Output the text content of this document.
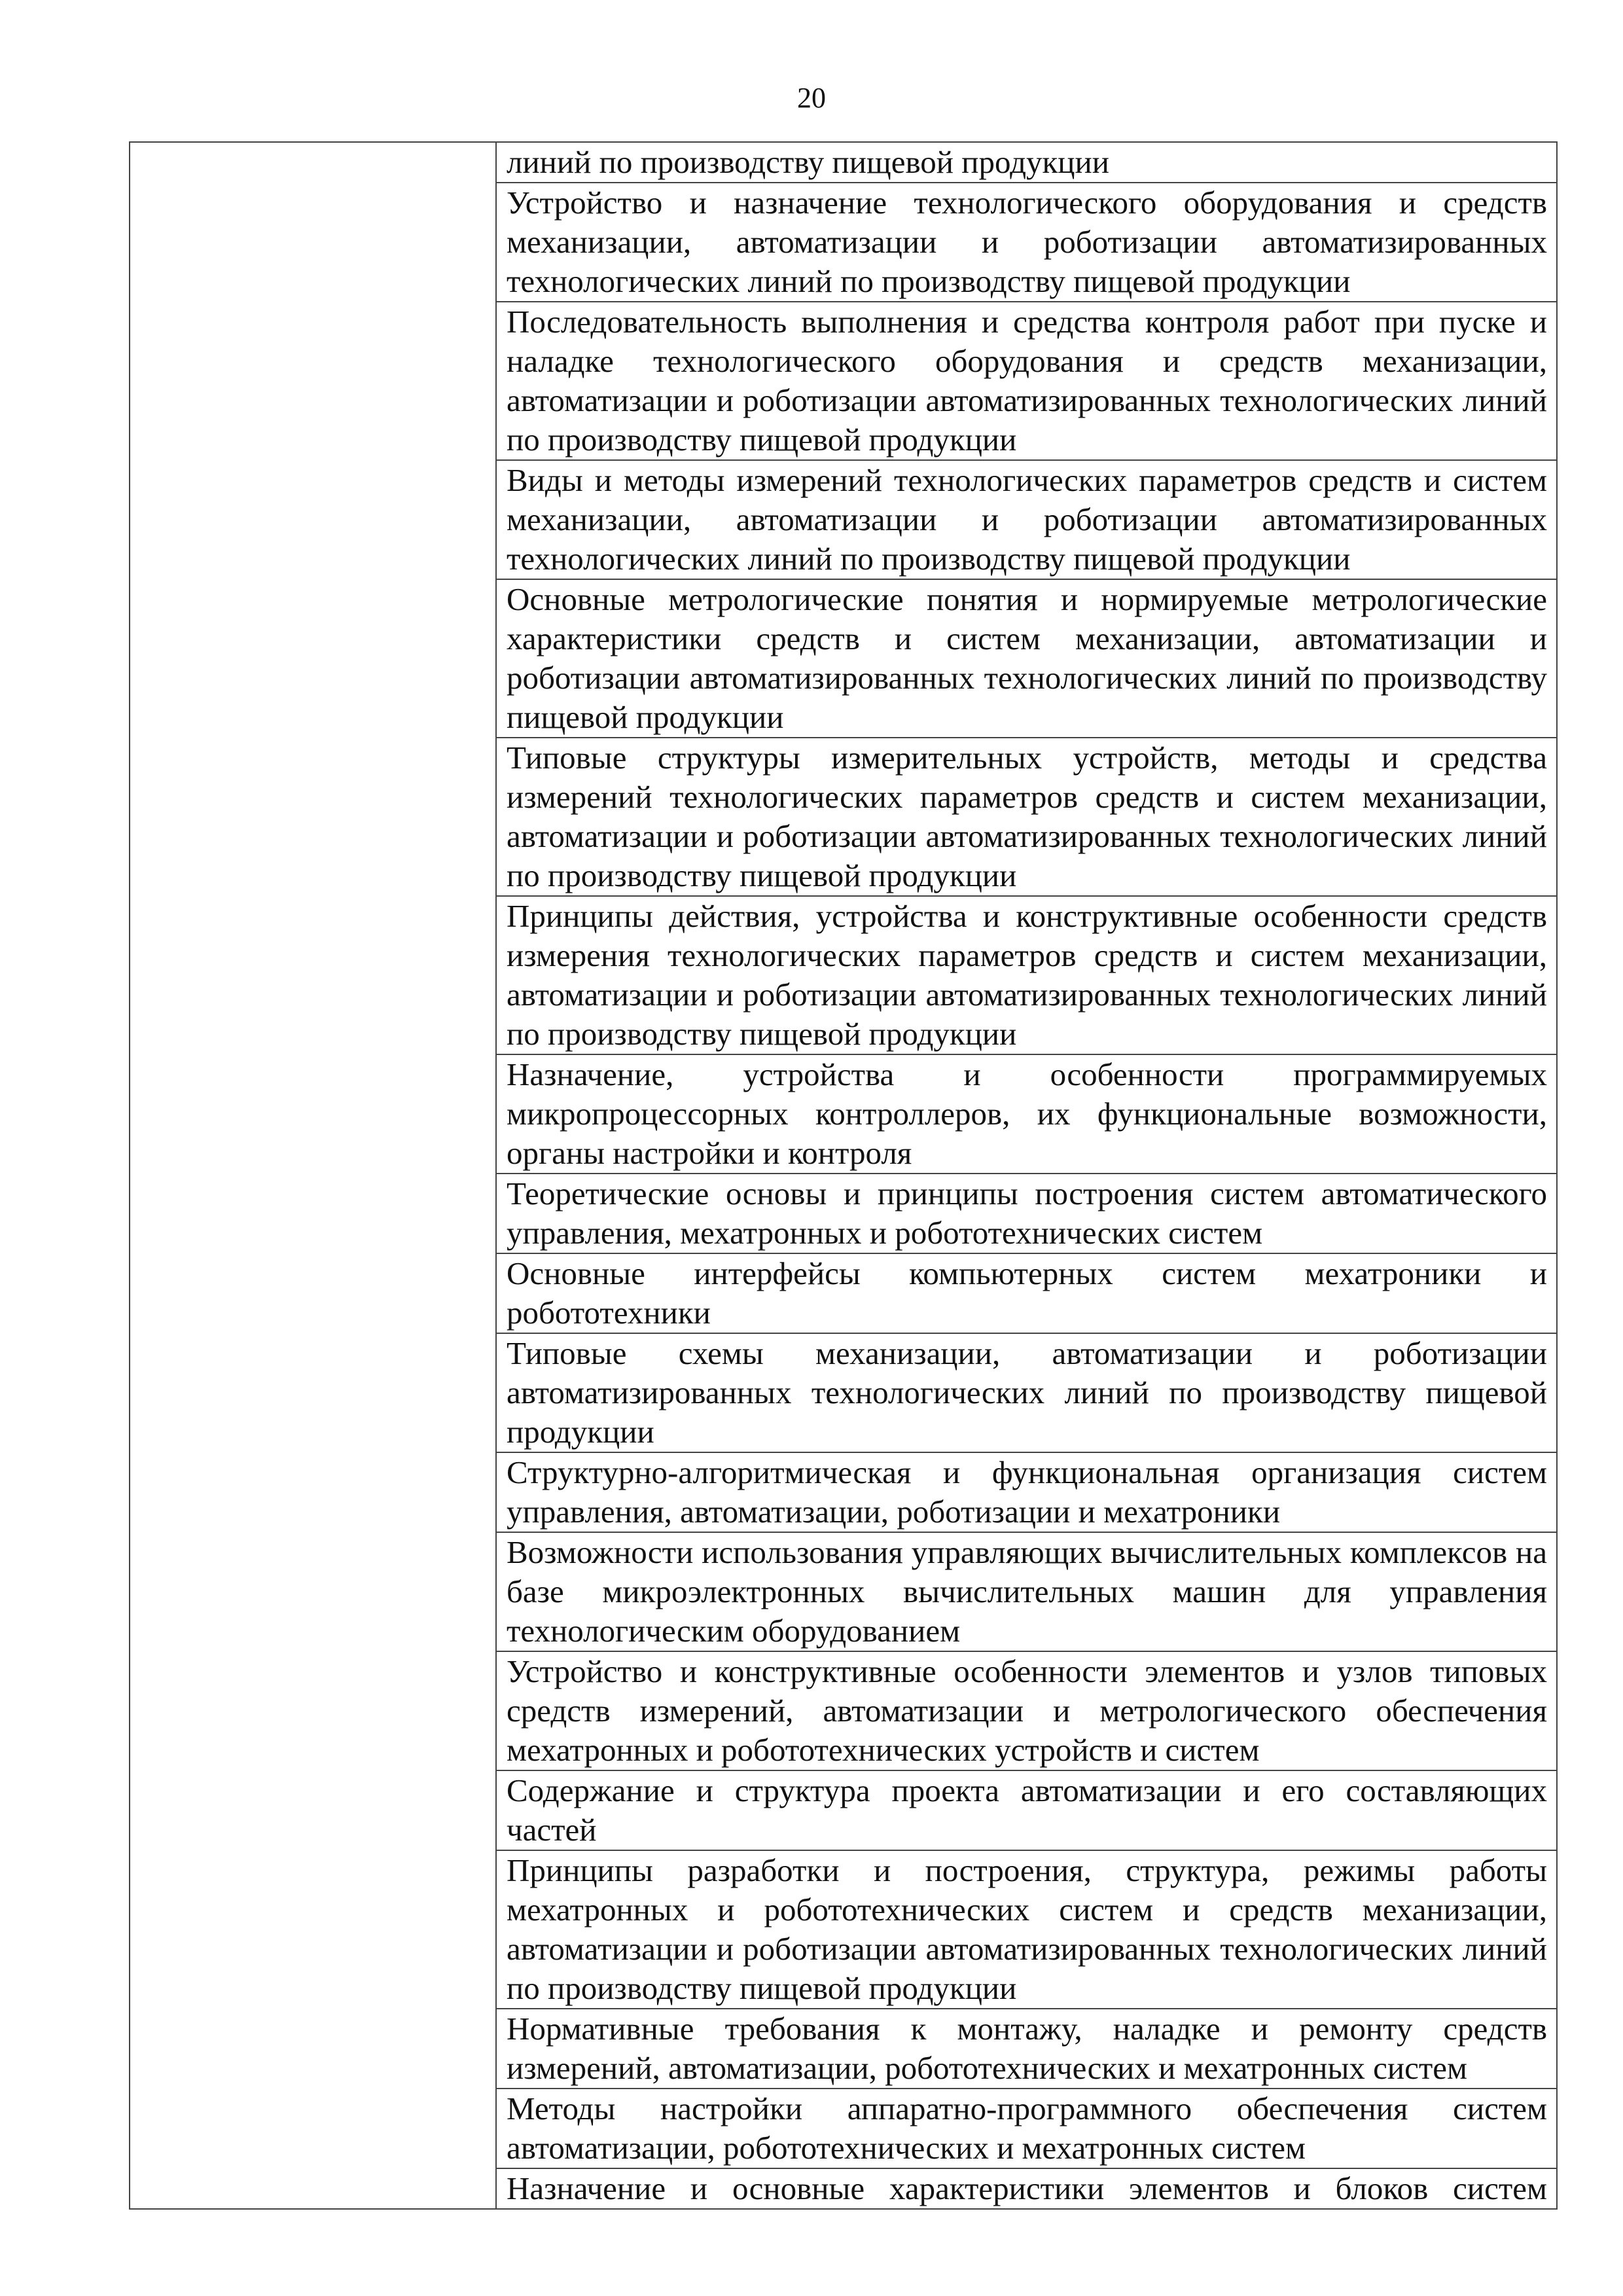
20

линий по производству пищевой продукции

Устройство и назначение технологического оборудования и средств механизации, автоматизации и роботизации автоматизированных технологических линий по производству пищевой продукции

Последовательность выполнения и средства контроля работ при пуске и наладке технологического оборудования и средств механизации, автоматизации и роботизации автоматизированных технологических линий по производству пищевой продукции

Виды и методы измерений технологических параметров средств и систем механизации, автоматизации и роботизации автоматизированных технологических линий по производству пищевой продукции

Основные метрологические понятия и нормируемые метрологические характеристики средств и систем механизации, автоматизации и роботизации автоматизированных технологических линий по производству пищевой продукции

Типовые структуры измерительных устройств, методы и средства измерений технологических параметров средств и систем механизации, автоматизации и роботизации автоматизированных технологических линий по производству пищевой продукции

Принципы действия, устройства и конструктивные особенности средств измерения технологических параметров средств и систем механизации, автоматизации и роботизации автоматизированных технологических линий по производству пищевой продукции

Назначение, устройства и особенности программируемых микропроцессорных контроллеров, их функциональные возможности, органы настройки и контроля

Теоретические основы и принципы построения систем автоматического управления, мехатронных и робототехнических систем

Основные интерфейсы компьютерных систем мехатроники и робототехники

Типовые схемы механизации, автоматизации и роботизации автоматизированных технологических линий по производству пищевой продукции

Структурно-алгоритмическая и функциональная организация систем управления, автоматизации, роботизации и мехатроники

Возможности использования управляющих вычислительных комплексов на базе микроэлектронных вычислительных машин для управления технологическим оборудованием

Устройство и конструктивные особенности элементов и узлов типовых средств измерений, автоматизации и метрологического обеспечения мехатронных и робототехнических устройств и систем

Содержание и структура проекта автоматизации и его составляющих частей

Принципы разработки и построения, структура, режимы работы мехатронных и робототехнических систем и средств механизации, автоматизации и роботизации автоматизированных технологических линий по производству пищевой продукции

Нормативные требования к монтажу, наладке и ремонту средств измерений, автоматизации, робототехнических и мехатронных систем

Методы настройки аппаратно-программного обеспечения систем автоматизации, робототехнических и мехатронных систем

Назначение и основные характеристики элементов и блоков систем
